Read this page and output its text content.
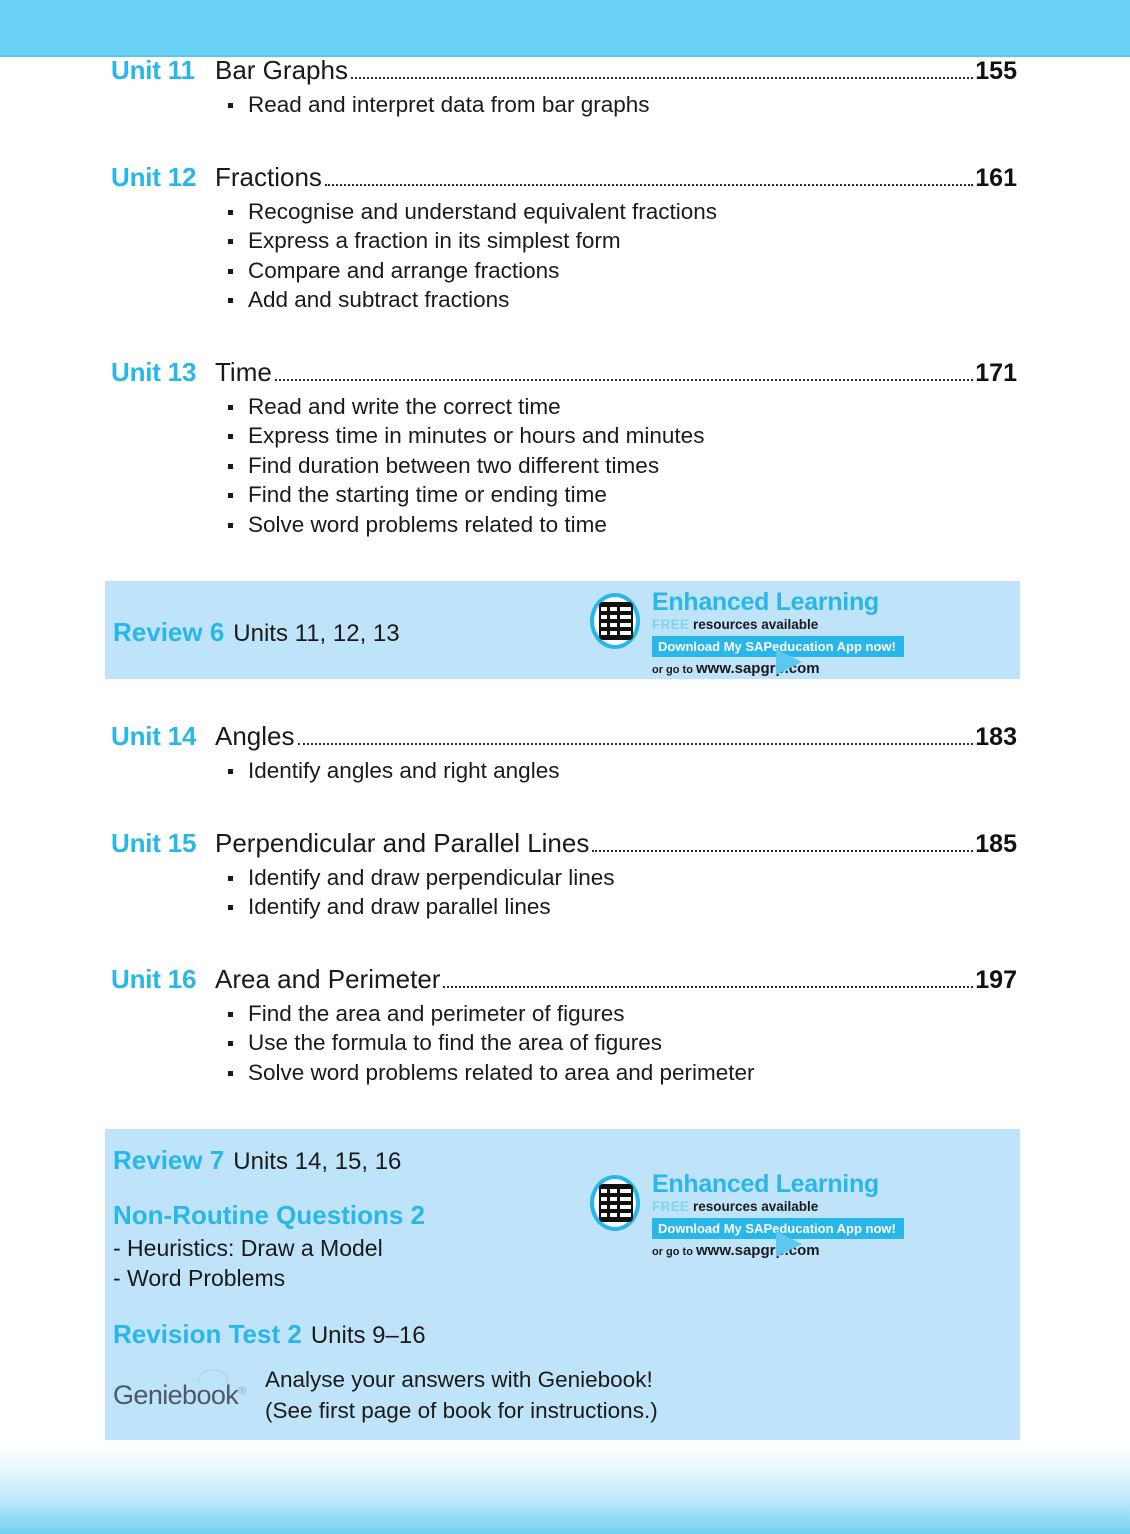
Unit 11 Bar Graphs	155
Read and interpret data from bar graphs
Unit 12 Fractions	161
Recognise and understand equivalent fractions
Express a fraction in its simplest form
Compare and arrange fractions
Add and subtract fractions
Unit 13 Time	171
Read and write the correct time
Express time in minutes or hours and minutes
Find duration between two different times
Find the starting time or ending time
Solve word problems related to time
Review 6 Units 11, 12, 13
Enhanced Learning
FREE resources available
Download My SAPeducation App now!
or go to www.sapgrp.com
Unit 14 Angles	183
Identify angles and right angles
Unit 15 Perpendicular and Parallel Lines	185
Identify and draw perpendicular lines
Identify and draw parallel lines
Unit 16 Area and Perimeter	197
Find the area and perimeter of figures
Use the formula to find the area of figures
Solve word problems related to area and perimeter
Review 7 Units 14, 15, 16
Non-Routine Questions 2
- Heuristics: Draw a Model
- Word Problems
Revision Test 2 Units 9–16
Geniebook® Analyse your answers with Geniebook!
(See first page of book for instructions.)
Enhanced Learning
FREE resources available
Download My SAPeducation App now!
or go to www.sapgrp.com
